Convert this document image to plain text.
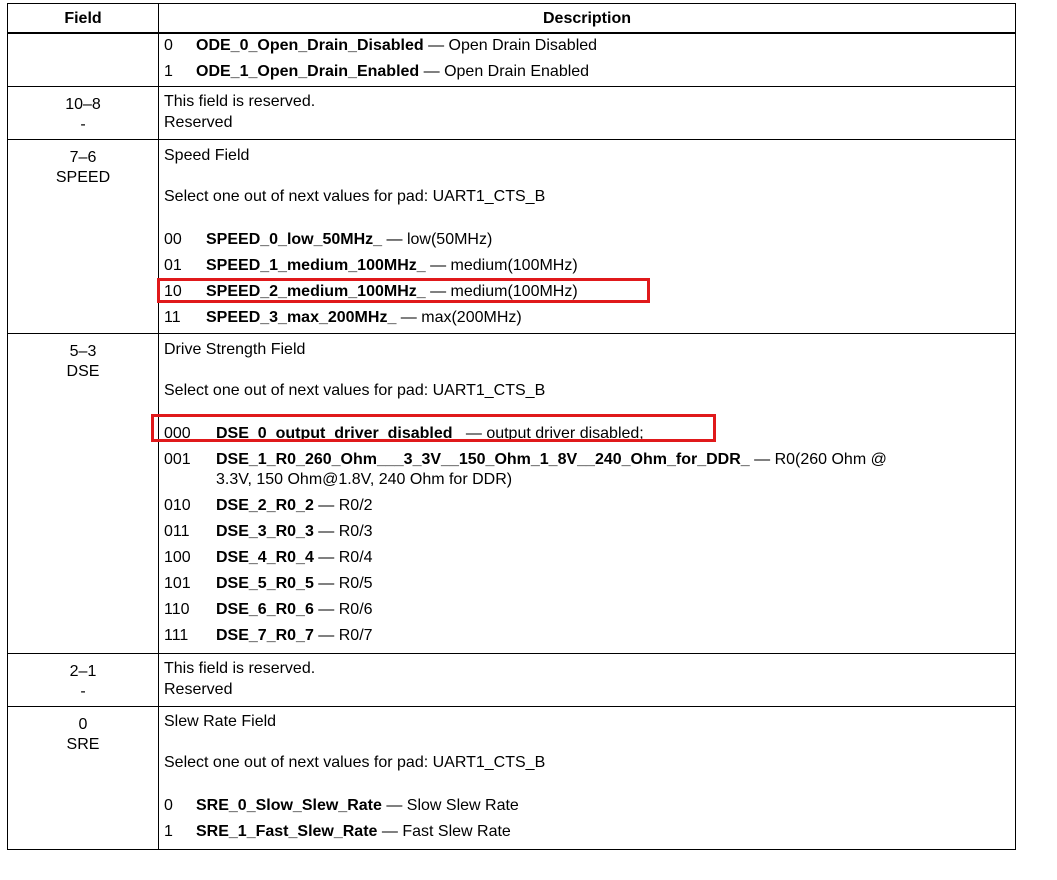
Field	Description
0 ODE_0_Open_Drain_Disabled — Open Drain Disabled
1 ODE_1_Open_Drain_Enabled — Open Drain Enabled
10–8
-
This field is reserved.
Reserved
7–6
SPEED
Speed Field
Select one out of next values for pad: UART1_CTS_B
00 SPEED_0_low_50MHz_ — low(50MHz)
01 SPEED_1_medium_100MHz_ — medium(100MHz)
10 SPEED_2_medium_100MHz_ — medium(100MHz)
11 SPEED_3_max_200MHz_ — max(200MHz)
5–3
DSE
Drive Strength Field
Select one out of next values for pad: UART1_CTS_B
000 DSE_0_output_driver_disabled_ — output driver disabled;
001 DSE_1_R0_260_Ohm___3_3V__150_Ohm_1_8V__240_Ohm_for_DDR_ — R0(260 Ohm @
3.3V, 150 Ohm@1.8V, 240 Ohm for DDR)
010 DSE_2_R0_2 — R0/2
011 DSE_3_R0_3 — R0/3
100 DSE_4_R0_4 — R0/4
101 DSE_5_R0_5 — R0/5
110 DSE_6_R0_6 — R0/6
111 DSE_7_R0_7 — R0/7
2–1
-
This field is reserved.
Reserved
0
SRE
Slew Rate Field
Select one out of next values for pad: UART1_CTS_B
0 SRE_0_Slow_Slew_Rate — Slow Slew Rate
1 SRE_1_Fast_Slew_Rate — Fast Slew Rate
